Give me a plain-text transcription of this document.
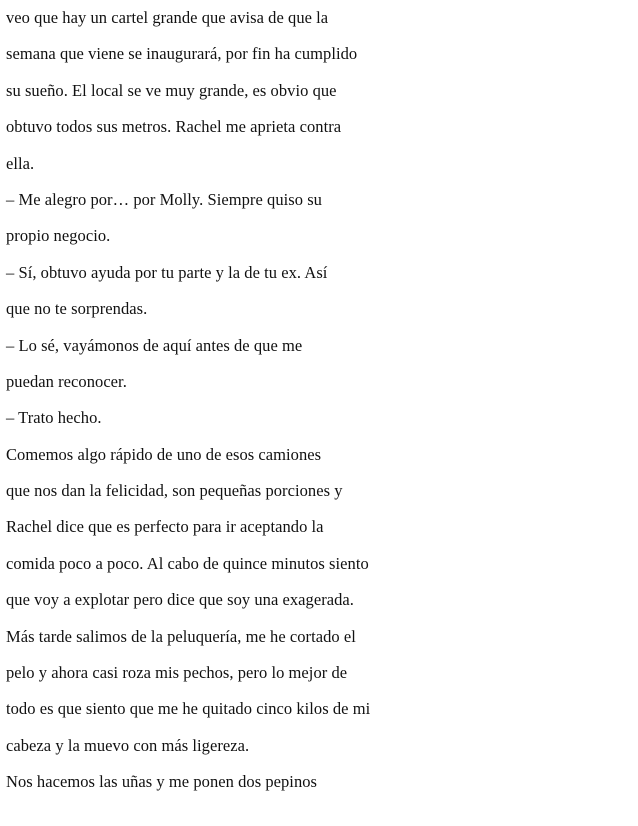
veo que hay un cartel grande que avisa de que la
semana que viene se inaugurará, por fin ha cumplido
su sueño. El local se ve muy grande, es obvio que
obtuvo todos sus metros. Rachel me aprieta contra
ella.
– Me alegro por… por Molly. Siempre quiso su
propio negocio.
– Sí, obtuvo ayuda por tu parte y la de tu ex. Así
que no te sorprendas.
– Lo sé, vayámonos de aquí antes de que me
puedan reconocer.
– Trato hecho.
Comemos algo rápido de uno de esos camiones
que nos dan la felicidad, son pequeñas porciones y
Rachel dice que es perfecto para ir aceptando la
comida poco a poco. Al cabo de quince minutos siento
que voy a explotar pero dice que soy una exagerada.
Más tarde salimos de la peluquería, me he cortado el
pelo y ahora casi roza mis pechos, pero lo mejor de
todo es que siento que me he quitado cinco kilos de mi
cabeza y la muevo con más ligereza.
Nos hacemos las uñas y me ponen dos pepinos
